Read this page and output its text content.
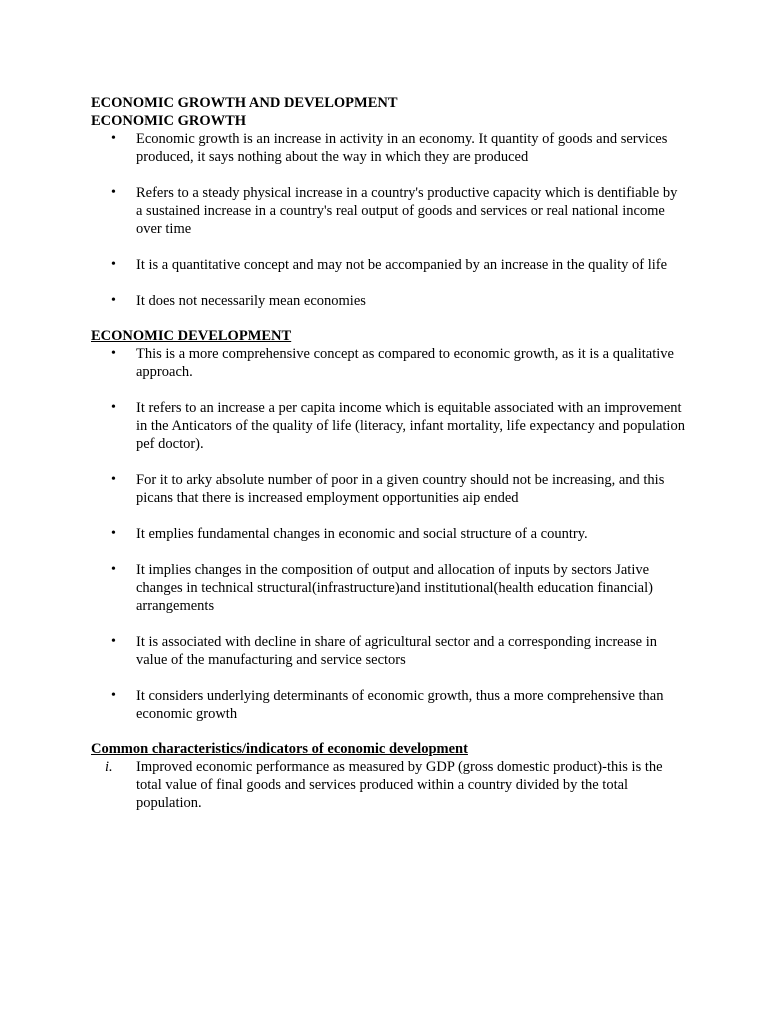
ECONOMIC GROWTH AND DEVELOPMENT

ECONOMIC GROWTH

• Economic growth is an increase in activity in an economy. It quantity of goods and services produced, it says nothing about the way in which they are produced
• Refers to a steady physical increase in a country's productive capacity which is dentifiable by a sustained increase in a country's real output of goods and services or real national income over time
• It is a quantitative concept and may not be accompanied by an increase in the quality of life
• It does not necessarily mean economies

ECONOMIC DEVELOPMENT

• This is a more comprehensive concept as compared to economic growth, as it is a qualitative approach.
• It refers to an increase a per capita income which is equitable associated with an improvement in the Anticators of the quality of life (literacy, infant mortality, life expectancy and population pef doctor).
• For it to arky absolute number of poor in a given country should not be increasing, and this picans that there is increased employment opportunities aip ended
• It emplies fundamental changes in economic and social structure of a country.
• It implies changes in the composition of output and allocation of inputs by sectors Jative changes in technical structural(infrastructure)and institutional(health education financial) arrangements
• It is associated with decline in share of agricultural sector and a corresponding increase in value of the manufacturing and service sectors
• It considers underlying determinants of economic growth, thus a more comprehensive than economic growth

Common characteristics/indicators of economic development

i. Improved economic performance as measured by GDP (gross domestic product)-this is the total value of final goods and services produced within a country divided by the total population.
